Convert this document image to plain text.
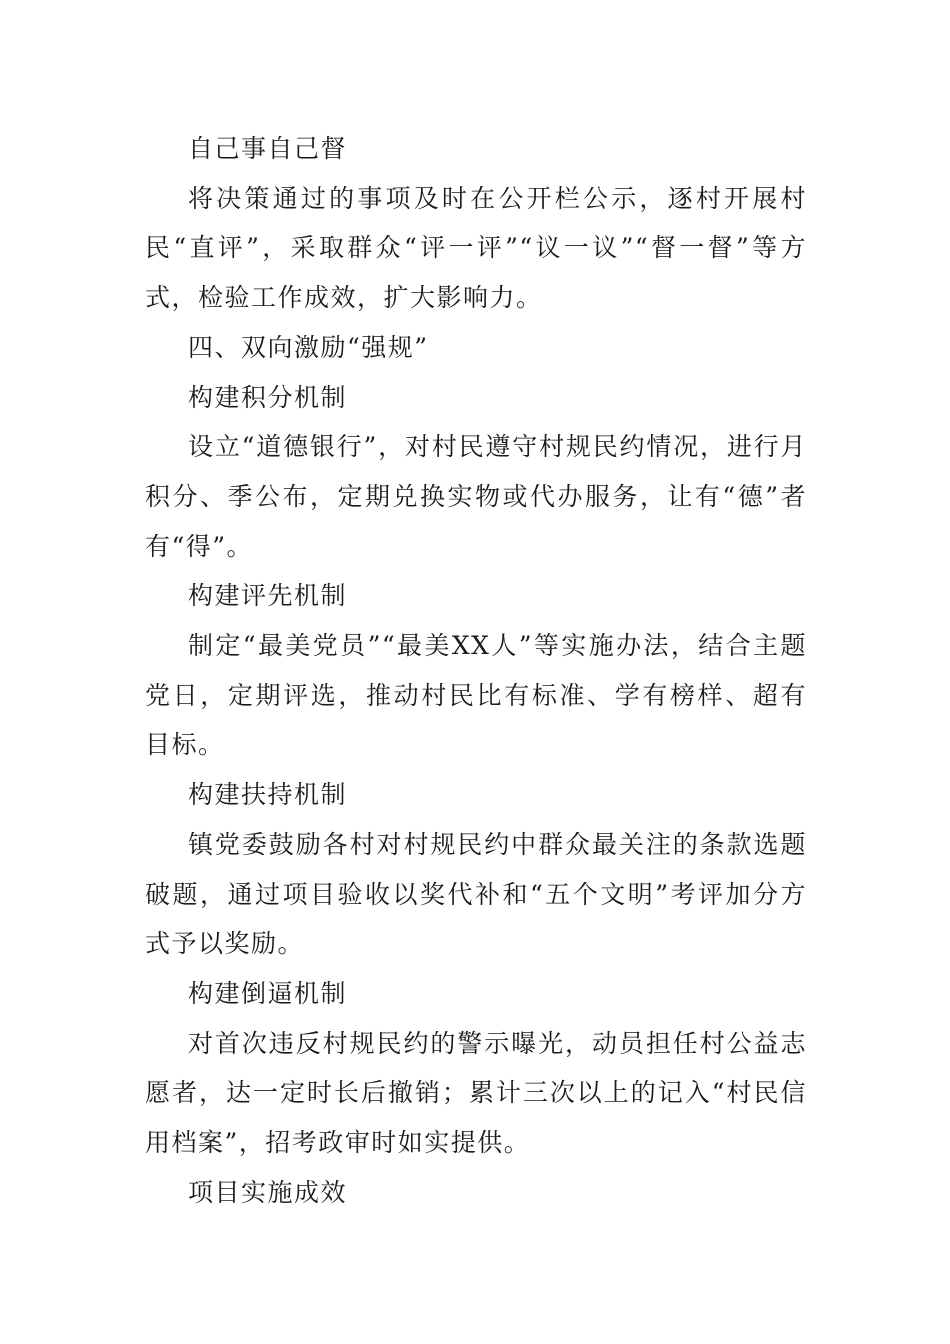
自己事自己督

将决策通过的事项及时在公开栏公示，逐村开展村民“直评”，采取群众“评一评”“议一议”“督一督”等方式，检验工作成效，扩大影响力。

四、双向激励“强规”

构建积分机制

设立“道德银行”，对村民遵守村规民约情况，进行月积分、季公布，定期兑换实物或代办服务，让有“德”者有“得”。

构建评先机制

制定“最美党员”“最美XX人”等实施办法，结合主题党日，定期评选，推动村民比有标准、学有榜样、超有目标。

构建扶持机制

镇党委鼓励各村对村规民约中群众最关注的条款选题破题，通过项目验收以奖代补和“五个文明”考评加分方式予以奖励。

构建倒逼机制

对首次违反村规民约的警示曝光，动员担任村公益志愿者，达一定时长后撤销；累计三次以上的记入“村民信用档案”，招考政审时如实提供。

项目实施成效
